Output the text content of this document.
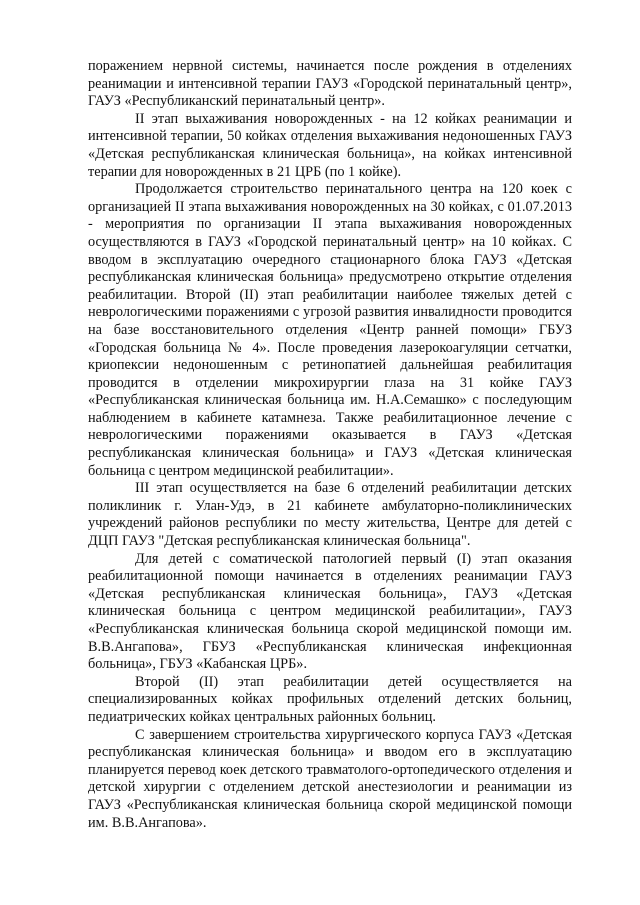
поражением нервной системы, начинается после рождения в отделениях реанимации и интенсивной терапии ГАУЗ «Городской перинатальный центр», ГАУЗ «Республиканский перинатальный центр».

II этап выхаживания новорожденных - на 12 койках реанимации и интенсивной терапии, 50 койках отделения выхаживания недоношенных ГАУЗ «Детская республиканская клиническая больница», на койках интенсивной терапии для новорожденных в 21 ЦРБ (по 1 койке).

Продолжается строительство перинатального центра на 120 коек с организацией II этапа выхаживания новорожденных на 30 койках, с 01.07.2013 - мероприятия по организации II этапа выхаживания новорожденных осуществляются в ГАУЗ «Городской перинатальный центр» на 10 койках. С вводом в эксплуатацию очередного стационарного блока ГАУЗ «Детская республиканская клиническая больница» предусмотрено открытие отделения реабилитации. Второй (II) этап реабилитации наиболее тяжелых детей с неврологическими поражениями с угрозой развития инвалидности проводится на базе восстановительного отделения «Центр ранней помощи» ГБУЗ «Городская больница № 4». После проведения лазерокоагуляции сетчатки, криопексии недоношенным с ретинопатией дальнейшая реабилитация проводится в отделении микрохирургии глаза на 31 койке ГАУЗ «Республиканская клиническая больница им. Н.А.Семашко» с последующим наблюдением в кабинете катамнеза. Также реабилитационное лечение с неврологическими поражениями оказывается в ГАУЗ «Детская республиканская клиническая больница» и ГАУЗ «Детская клиническая больница с центром медицинской реабилитации».

III этап осуществляется на базе 6 отделений реабилитации детских поликлиник г. Улан-Удэ, в 21 кабинете амбулаторно-поликлинических учреждений районов республики по месту жительства, Центре для детей с ДЦП ГАУЗ "Детская республиканская клиническая больница".

Для детей с соматической патологией первый (I) этап оказания реабилитационной помощи начинается в отделениях реанимации ГАУЗ «Детская республиканская клиническая больница», ГАУЗ «Детская клиническая больница с центром медицинской реабилитации», ГАУЗ «Республиканская клиническая больница скорой медицинской помощи им. В.В.Ангапова», ГБУЗ «Республиканская клиническая инфекционная больница», ГБУЗ «Кабанская ЦРБ».

Второй (II) этап реабилитации детей осуществляется на специализированных койках профильных отделений детских больниц, педиатрических койках центральных районных больниц.

С завершением строительства хирургического корпуса ГАУЗ «Детская республиканская клиническая больница» и вводом его в эксплуатацию планируется перевод коек детского травматолого-ортопедического отделения и детской хирургии с отделением детской анестезиологии и реанимации из ГАУЗ «Республиканская клиническая больница скорой медицинской помощи им. В.В.Ангапова».
